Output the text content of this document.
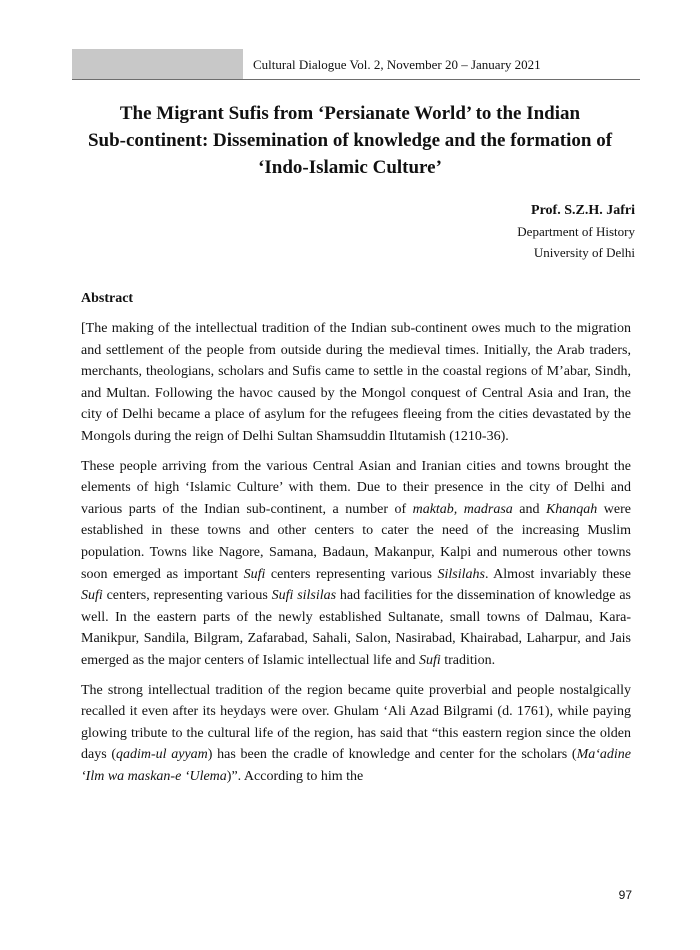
Cultural Dialogue Vol. 2, November 20 – January 2021
The Migrant Sufis from ‘Persianate World’ to the Indian
Sub-continent: Dissemination of knowledge and the formation of
‘Indo-Islamic Culture’
Prof. S.Z.H. Jafri
Department of History
University of Delhi
Abstract

[The making of the intellectual tradition of the Indian sub-continent owes much to the migration and settlement of the people from outside during the medieval times. Initially, the Arab traders, merchants, theologians, scholars and Sufis came to settle in the coastal regions of M’abar, Sindh, and Multan. Following the havoc caused by the Mongol conquest of Central Asia and Iran, the city of Delhi became a place of asylum for the refugees fleeing from the cities devastated by the Mongols during the reign of Delhi Sultan Shamsuddin Iltutamish (1210-36).

These people arriving from the various Central Asian and Iranian cities and towns brought the elements of high ‘Islamic Culture’ with them. Due to their presence in the city of Delhi and various parts of the Indian sub-continent, a number of maktab, madrasa and Khanqah were established in these towns and other centers to cater the need of the increasing Muslim population. Towns like Nagore, Samana, Badaun, Makanpur, Kalpi and numerous other towns soon emerged as important Sufi centers representing various Silsilahs. Almost invariably these Sufi centers, representing various Sufi silsilas had facilities for the dissemination of knowledge as well. In the eastern parts of the newly established Sultanate, small towns of Dalmau, Kara-Manikpur, Sandila, Bilgram, Zafarabad, Sahali, Salon, Nasirabad, Khairabad, Laharpur, and Jais emerged as the major centers of Islamic intellectual life and Sufi tradition.

The strong intellectual tradition of the region became quite proverbial and people nostalgically recalled it even after its heydays were over. Ghulam ‘Ali Azad Bilgrami (d. 1761), while paying glowing tribute to the cultural life of the region, has said that “this eastern region since the olden days (qadim-ul ayyam) has been the cradle of knowledge and center for the scholars (Ma‘adine ‘Ilm wa maskan-e ‘Ulema)”. According to him the

97
